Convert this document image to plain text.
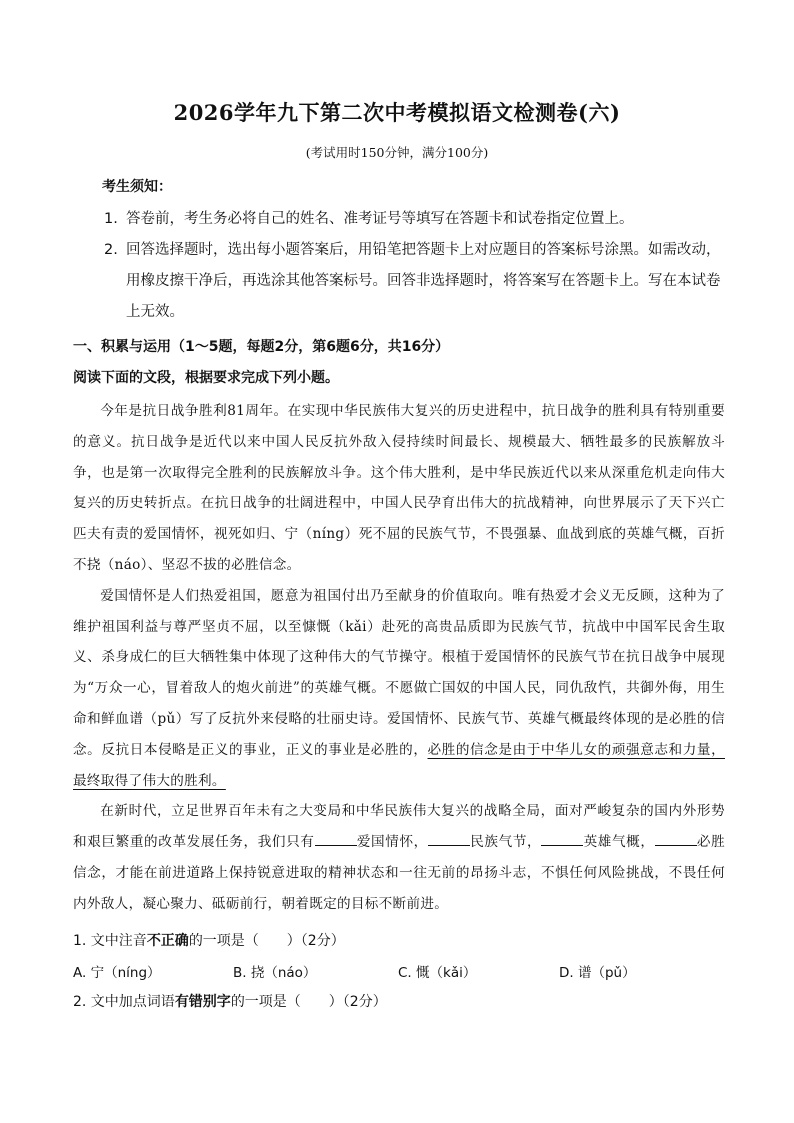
2026学年九下第二次中考模拟语文检测卷(六)
(考试用时150分钟，满分100分)
考生须知：
1. 答卷前，考生务必将自己的姓名、准考证号等填写在答题卡和试卷指定位置上。
2. 回答选择题时，选出每小题答案后，用铅笔把答题卡上对应题目的答案标号涂黑。如需改动，用橡皮擦干净后，再选涂其他答案标号。回答非选择题时，将答案写在答题卡上。写在本试卷上无效。
一、积累与运用（1～5题，每题2分，第6题6分，共16分）
阅读下面的文段，根据要求完成下列小题。

今年是抗日战争胜利81周年。在实现中华民族伟大复兴的历史进程中，抗日战争的胜利具有特别重要的意义。抗日战争是近代以来中国人民反抗外敌入侵持续时间最长、规模最大、牺牲最多的民族解放斗争，也是第一次取得完全胜利的民族解放斗争。这个伟大胜利，是中华民族近代以来从深重危机走向伟大复兴的历史转折点。在抗日战争的壮阔进程中，中国人民孕育出伟大的抗战精神，向世界展示了天下兴亡匹夫有责的爱国情怀，视死如归、宁（níng）死不屈的民族气节，不畏强暴、血战到底的英雄气概，百折不挠（náo）、坚忍不拔的必胜信念。

爱国情怀是人们热爱祖国，愿意为祖国付出乃至献身的价值取向。唯有热爱才会义无反顾，这种为了维护祖国利益与尊严坚贞不屈，以至慷慨（kǎi）赴死的高贵品质即为民族气节，抗战中中国军民舍生取义、杀身成仁的巨大牺牲集中体现了这种伟大的气节操守。根植于爱国情怀的民族气节在抗日战争中展现为“万众一心，冒着敌人的炮火前进”的英雄气概。不愿做亡国奴的中国人民，同仇敌忾，共御外侮，用生命和鲜血谱（pǔ）写了反抗外来侵略的壮丽史诗。爱国情怀、民族气节、英雄气概最终体现的是必胜的信念。反抗日本侵略是正义的事业，正义的事业是必胜的，必胜的信念是由于中华儿女的顽强意志和力量，最终取得了伟大的胜利。

在新时代，立足世界百年未有之大变局和中华民族伟大复兴的战略全局，面对严峻复杂的国内外形势和艰巨繁重的改革发展任务，我们只有	爱国情怀，	民族气节，	英雄气概，	必胜信念，才能在前进道路上保持锐意进取的精神状态和一往无前的昂扬斗志，不惧任何风险挑战，不畏任何内外敌人，凝心聚力、砥砺前行，朝着既定的目标不断前进。

1. 文中注音不正确的一项是（　　）（2分）
A. 宁（níng）	B. 挠（náo）	C. 慨（kǎi）	D. 谱（pǔ）
2. 文中加点词语有错别字的一项是（　　）（2分）
